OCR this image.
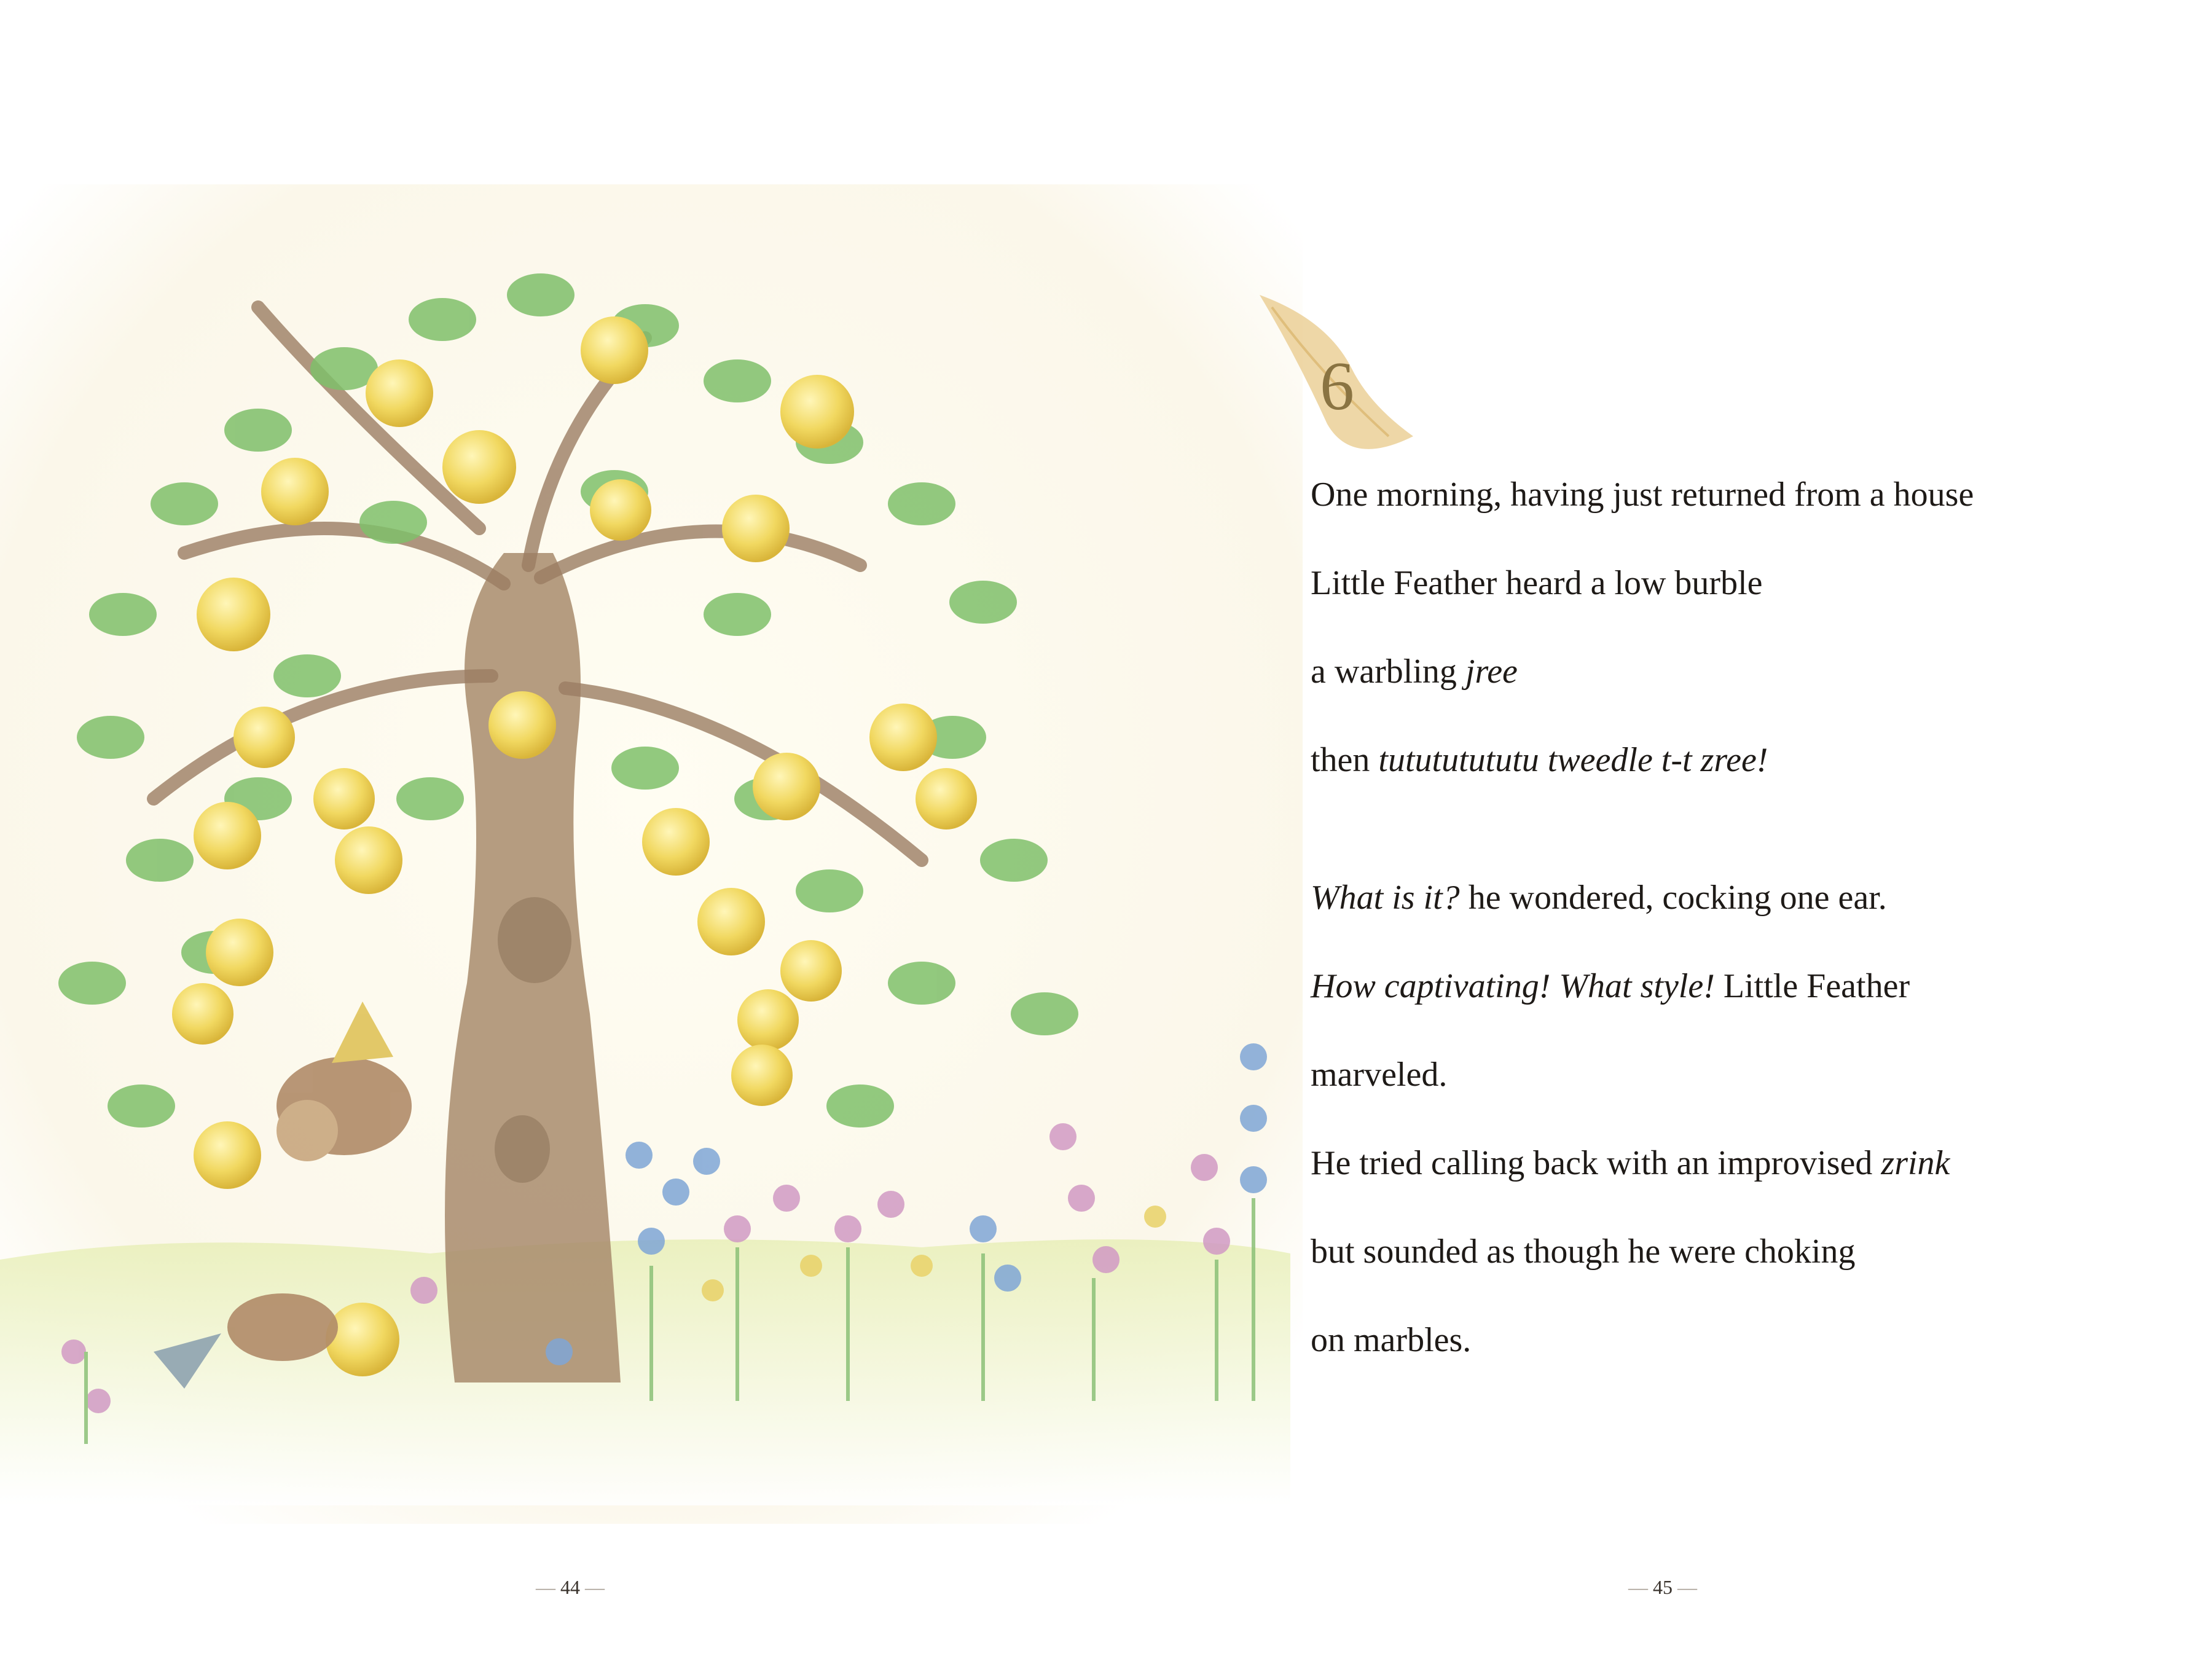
6
One morning, having just returned from a house
Little Feather heard a low burble
a warbling jree
then tutututututu tweedle t-t zree!
What is it? he wondered, cocking one ear.
How captivating! What style! Little Feather
marveled.
He tried calling back with an improvised zrink
but sounded as though he were choking
on marbles.
— 44 —	— 45 —
